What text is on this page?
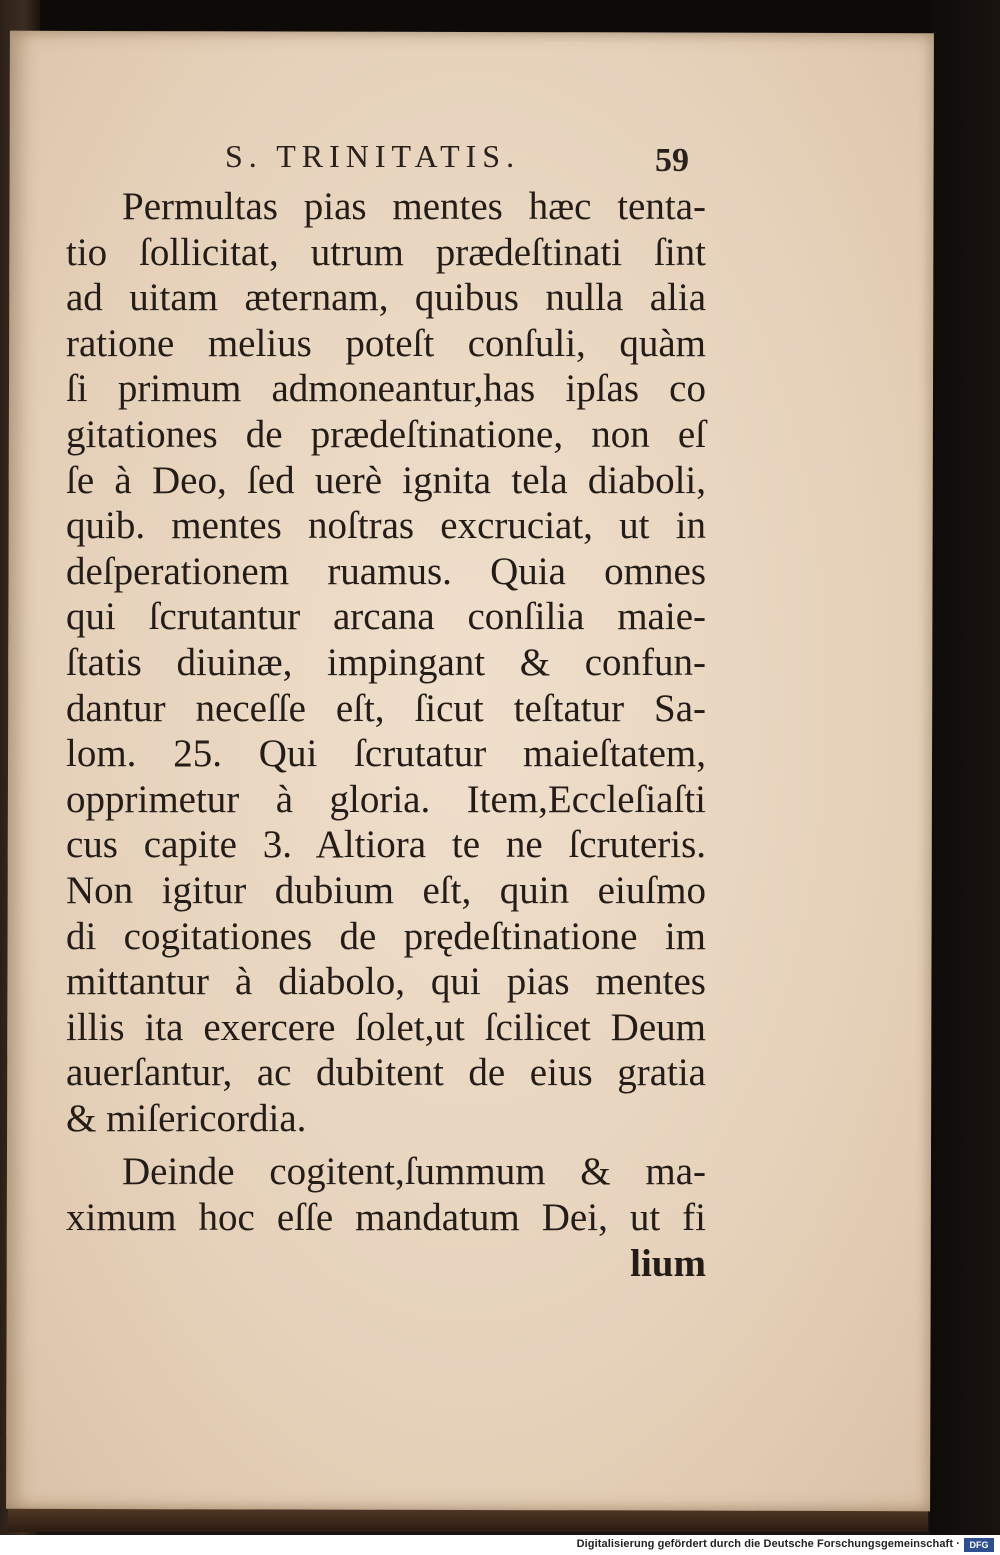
S. TRINITATIS.	59
Permultas pias mentes hæc tenta-
tio ſollicitat, utrum prædeſtinati ſint
ad uitam æternam, quibus nulla alia
ratione melius poteſt conſuli, quàm
ſi primum admoneantur,has ipſas co
gitationes de prædeſtinatione, non eſ
ſe à Deo, ſed uerè ignita tela diaboli,
quib. mentes noſtras excruciat, ut in
deſperationem ruamus. Quia omnes
qui ſcrutantur arcana conſilia maie-
ſtatis diuinæ, impingant & confun-
dantur neceſſe eſt, ſicut teſtatur Sa-
lom. 25. Qui ſcrutatur maieſtatem,
opprimetur à gloria. Item,Eccleſiaſti
cus capite 3. Altiora te ne ſcruteris.
Non igitur dubium eſt, quin eiuſmo
di cogitationes de prędeſtinatione im
mittantur à diabolo, qui pias mentes
illis ita exercere ſolet,ut ſcilicet Deum
auerſantur, ac dubitent de eius gratia
& miſericordia.
Deinde cogitent,ſummum & ma-
ximum hoc eſſe mandatum Dei, ut fi
lium
Digitalisierung gefördert durch die Deutsche Forschungsgemeinschaft ·	DFG
